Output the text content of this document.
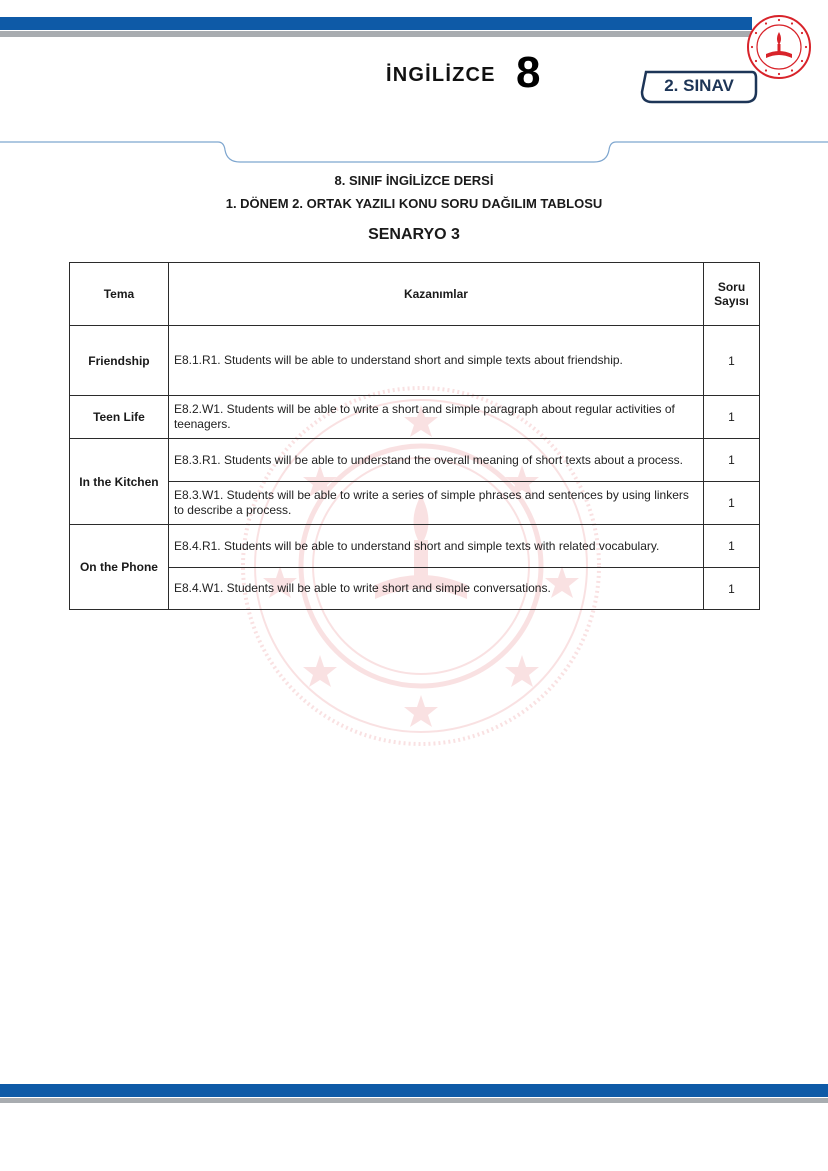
İNGİLİZCE 8	2. SINAV
8. SINIF İNGİLİZCE DERSİ
1. DÖNEM 2. ORTAK YAZILI KONU SORU DAĞILIM TABLOSU
SENARYO 3
Tema	Kazanımlar	Soru
Sayısı
Friendship	E8.1.R1. Students will be able to understand short and simple texts about friendship.	1
Teen Life	E8.2.W1. Students will be able to write a short and simple paragraph about regular activities of teenagers.	1
In the Kitchen	E8.3.R1. Students will be able to understand the overall meaning of short texts about a process.	1
	E8.3.W1. Students will be able to write a series of simple phrases and sentences by using linkers to describe a process.	1
On the Phone	E8.4.R1. Students will be able to understand short and simple texts with related vocabulary.	1
	E8.4.W1. Students will be able to write short and simple conversations.	1
